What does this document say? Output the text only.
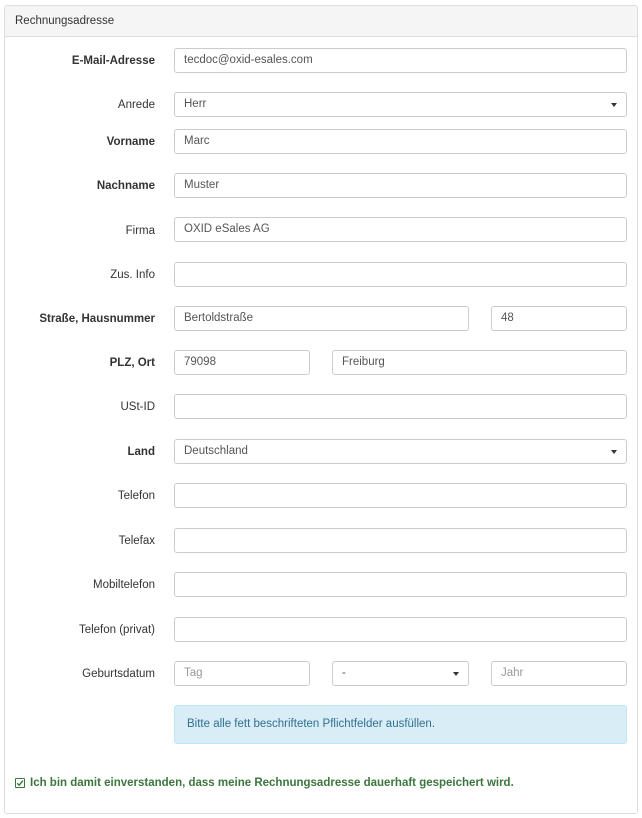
Rechnungsadresse
E-Mail-Adresse	tecdoc@oxid-esales.com
Anrede	Herr
Vorname	Marc
Nachname	Muster
Firma	OXID eSales AG
Zus. Info
Straße, Hausnummer	Bertoldstraße	48
PLZ, Ort	79098	Freiburg
USt-ID
Land	Deutschland
Telefon
Telefax
Mobiltelefon
Telefon (privat)
Geburtsdatum	Tag	-	Jahr
Bitte alle fett beschrifteten Pflichtfelder ausfüllen.
Ich bin damit einverstanden, dass meine Rechnungsadresse dauerhaft gespeichert wird.
